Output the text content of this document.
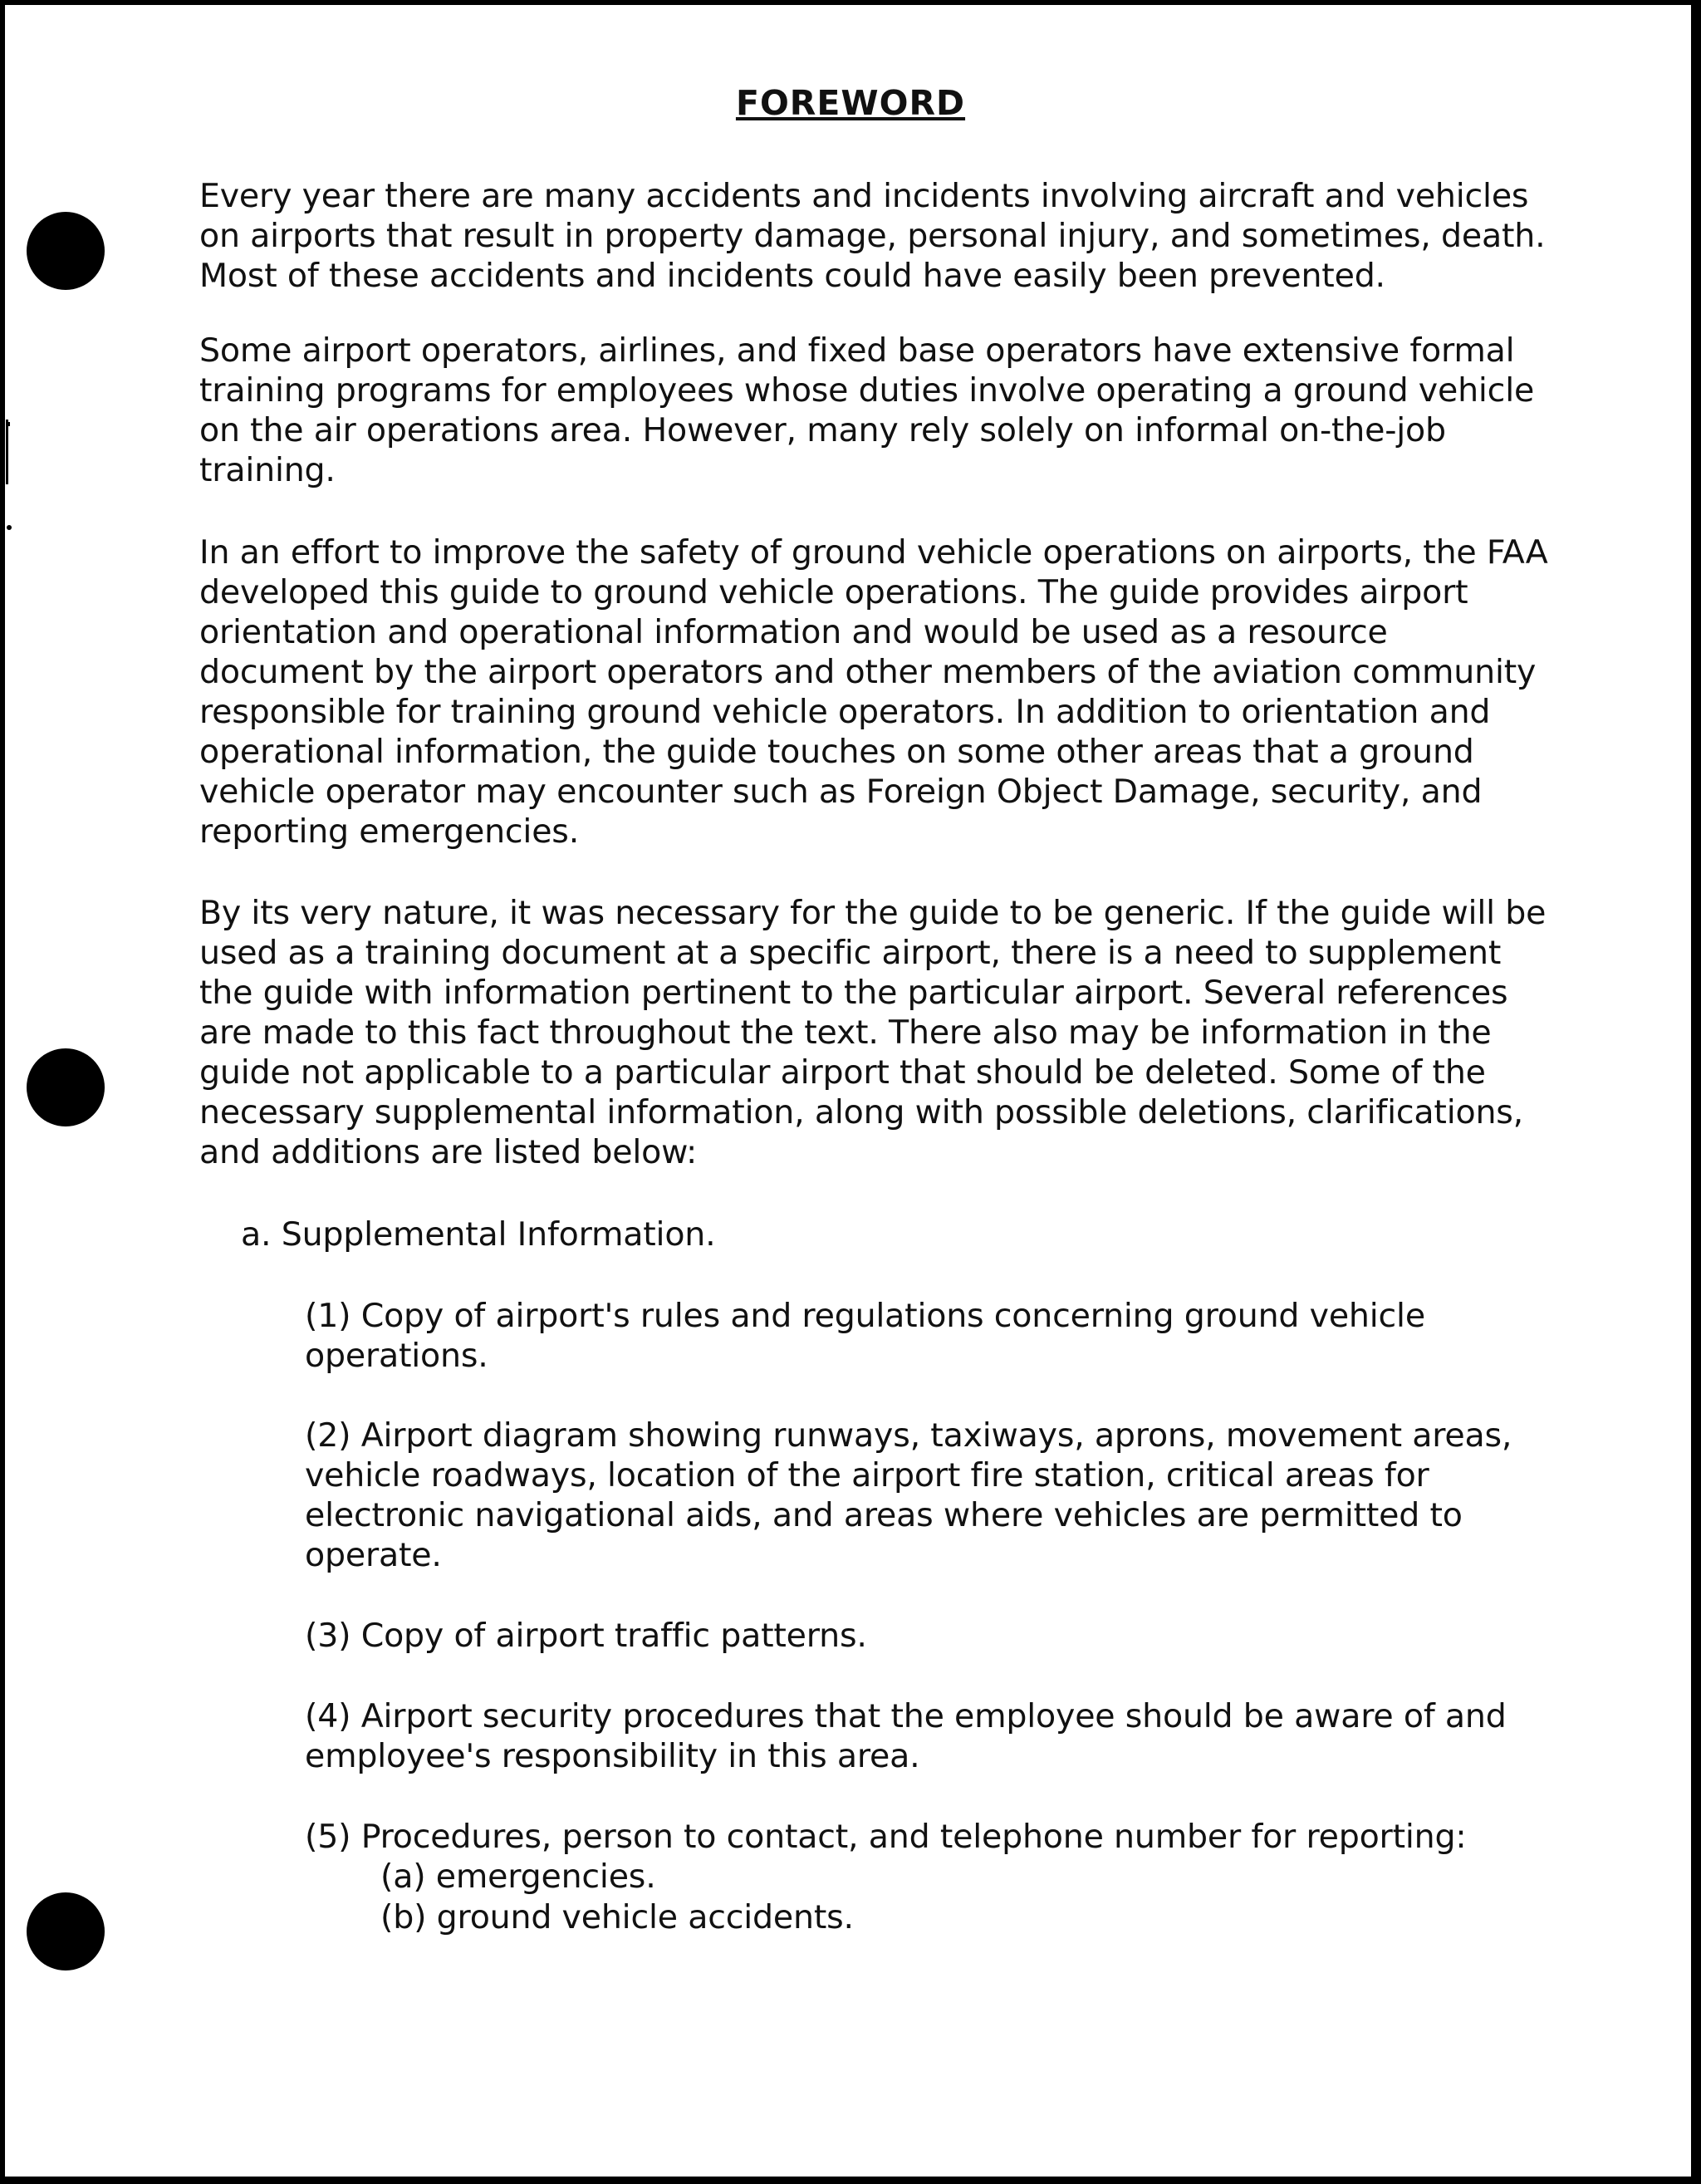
FOREWORD

Every year there are many accidents and incidents involving aircraft and vehicles
on airports that result in property damage, personal injury, and sometimes, death.
Most of these accidents and incidents could have easily been prevented.

Some airport operators, airlines, and fixed base operators have extensive formal
training programs for employees whose duties involve operating a ground vehicle
on the air operations area. However, many rely solely on informal on-the-job
training.

In an effort to improve the safety of ground vehicle operations on airports, the FAA
developed this guide to ground vehicle operations. The guide provides airport
orientation and operational information and would be used as a resource
document by the airport operators and other members of the aviation community
responsible for training ground vehicle operators. In addition to orientation and
operational information, the guide touches on some other areas that a ground
vehicle operator may encounter such as Foreign Object Damage, security, and
reporting emergencies.

By its very nature, it was necessary for the guide to be generic. If the guide will be
used as a training document at a specific airport, there is a need to supplement
the guide with information pertinent to the particular airport. Several references
are made to this fact throughout the text. There also may be information in the
guide not applicable to a particular airport that should be deleted. Some of the
necessary supplemental information, along with possible deletions, clarifications,
and additions are listed below:

a. Supplemental Information.

(1) Copy of airport's rules and regulations concerning ground vehicle
operations.

(2) Airport diagram showing runways, taxiways, aprons, movement areas,
vehicle roadways, location of the airport fire station, critical areas for
electronic navigational aids, and areas where vehicles are permitted to
operate.

(3) Copy of airport traffic patterns.

(4) Airport security procedures that the employee should be aware of and
employee's responsibility in this area.

(5) Procedures, person to contact, and telephone number for reporting:

(a) emergencies.

(b) ground vehicle accidents.
